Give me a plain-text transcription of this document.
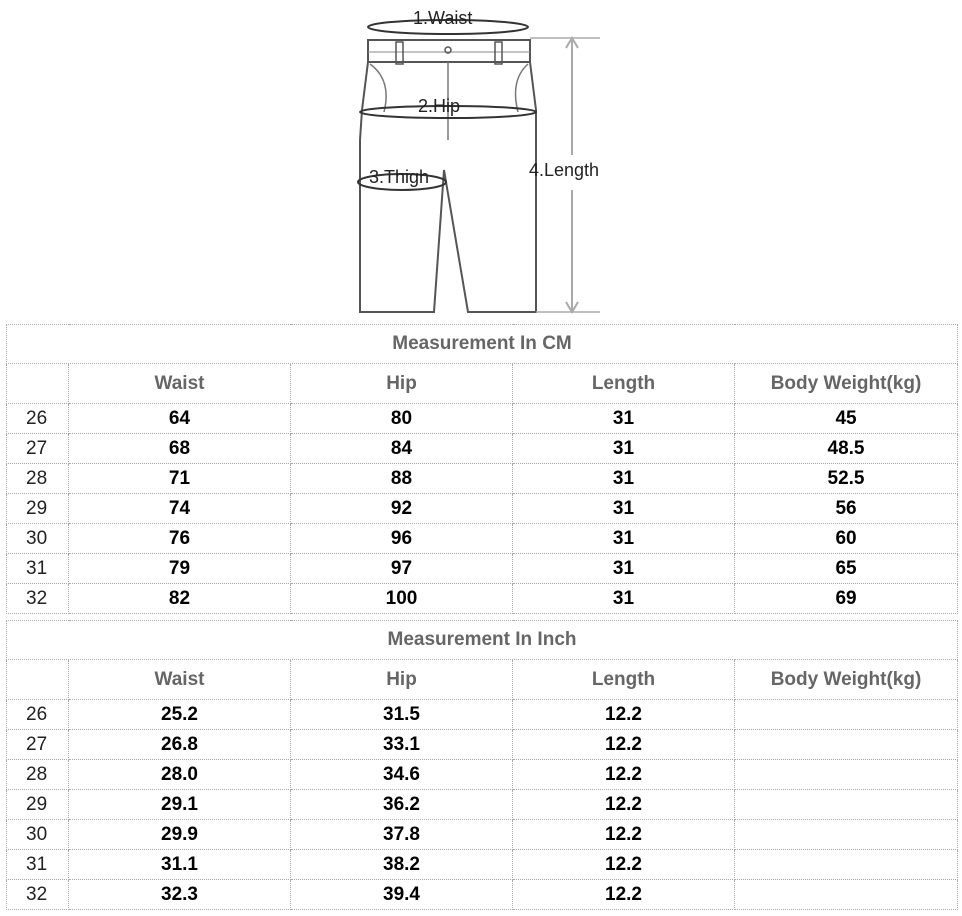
1.Waist
2.Hip
3.Thigh	4.Length
Measurement In CM				
	Waist	Hip	Length	Body Weight(kg)
26	64	80	31	45
27	68	84	31	48.5
28	71	88	31	52.5
29	74	92	31	56
30	76	96	31	60
31	79	97	31	65
32	82	100	31	69
Measurement In Inch				
	Waist	Hip	Length	Body Weight(kg)
26	25.2	31.5	12.2	
27	26.8	33.1	12.2	
28	28.0	34.6	12.2	
29	29.1	36.2	12.2	
30	29.9	37.8	12.2	
31	31.1	38.2	12.2	
32	32.3	39.4	12.2	
